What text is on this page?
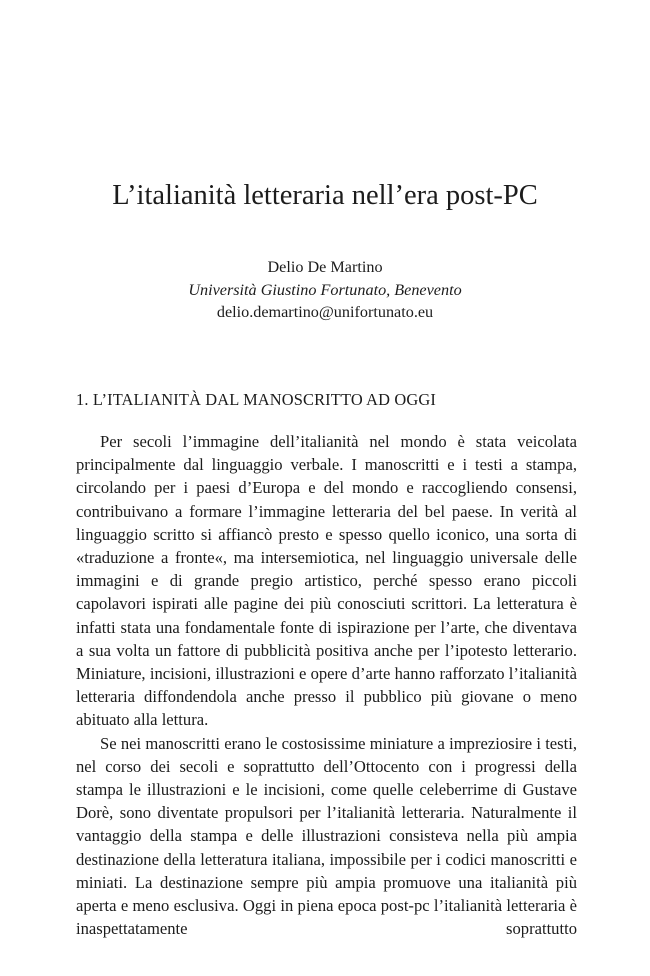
L’italianità letteraria nell’era post-PC
Delio De Martino
Università Giustino Fortunato, Benevento
delio.demartino@unifortunato.eu
1. L’ITALIANITÀ DAL MANOSCRITTO AD OGGI

Per secoli l’immagine dell’italianità nel mondo è stata veicolata principalmente dal linguaggio verbale. I manoscritti e i testi a stampa, circolando per i paesi d’Europa e del mondo e raccogliendo consensi, contribuivano a formare l’immagine letteraria del bel paese. In verità al linguaggio scritto si affiancò presto e spesso quello iconico, una sorta di «traduzione a fronte«, ma intersemiotica, nel linguaggio universale delle immagini e di grande pregio artistico, perché spesso erano piccoli capolavori ispirati alle pagine dei più conosciuti scrittori. La letteratura è infatti stata una fondamentale fonte di ispirazione per l’arte, che diventava a sua volta un fattore di pubblicità positiva anche per l’ipotesto letterario. Miniature, incisioni, illustrazioni e opere d’arte hanno rafforzato l’italianità letteraria diffondendola anche presso il pubblico più giovane o meno abituato alla lettura.

Se nei manoscritti erano le costosissime miniature a impreziosire i testi, nel corso dei secoli e soprattutto dell’Ottocento con i progressi della stampa le illustrazioni e le incisioni, come quelle celeberrime di Gustave Dorè, sono diventate propulsori per l’italianità letteraria. Naturalmente il vantaggio della stampa e delle illustrazioni consisteva nella più ampia destinazione della letteratura italiana, impossibile per i codici manoscritti e miniati. La destinazione sempre più ampia promuove una italianità più aperta e meno esclusiva. Oggi in piena epoca post-pc l’italianità letteraria è inaspettatamente soprattutto
